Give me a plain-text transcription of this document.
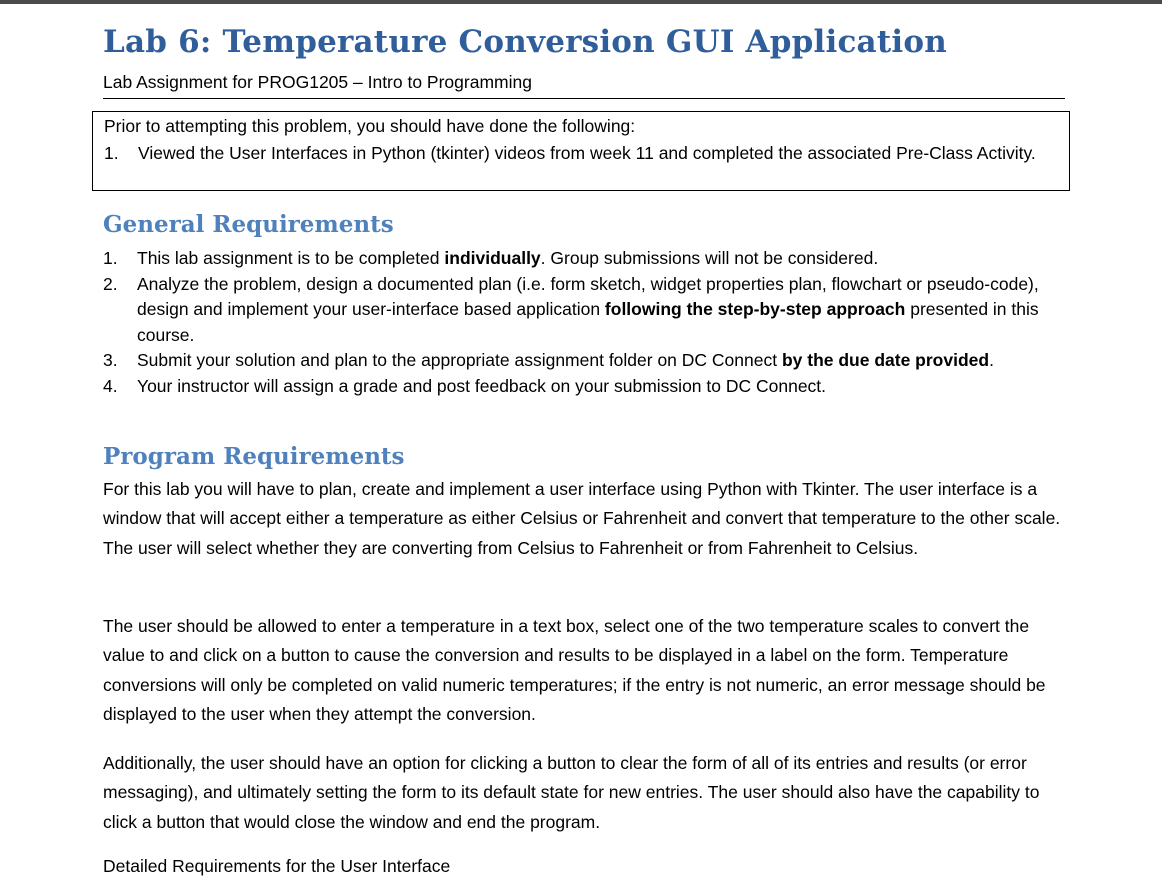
Lab 6: Temperature Conversion GUI Application
Lab Assignment for PROG1205 – Intro to Programming
Prior to attempting this problem, you should have done the following:
1. Viewed the User Interfaces in Python (tkinter) videos from week 11 and completed the associated Pre-Class Activity.
General Requirements
1. This lab assignment is to be completed individually. Group submissions will not be considered.
2. Analyze the problem, design a documented plan (i.e. form sketch, widget properties plan, flowchart or pseudo-code), design and implement your user-interface based application following the step-by-step approach presented in this course.
3. Submit your solution and plan to the appropriate assignment folder on DC Connect by the due date provided.
4. Your instructor will assign a grade and post feedback on your submission to DC Connect.
Program Requirements

For this lab you will have to plan, create and implement a user interface using Python with Tkinter. The user interface is a window that will accept either a temperature as either Celsius or Fahrenheit and convert that temperature to the other scale. The user will select whether they are converting from Celsius to Fahrenheit or from Fahrenheit to Celsius.

The user should be allowed to enter a temperature in a text box, select one of the two temperature scales to convert the value to and click on a button to cause the conversion and results to be displayed in a label on the form. Temperature conversions will only be completed on valid numeric temperatures; if the entry is not numeric, an error message should be displayed to the user when they attempt the conversion.

Additionally, the user should have an option for clicking a button to clear the form of all of its entries and results (or error messaging), and ultimately setting the form to its default state for new entries. The user should also have the capability to click a button that would close the window and end the program.

Detailed Requirements for the User Interface
